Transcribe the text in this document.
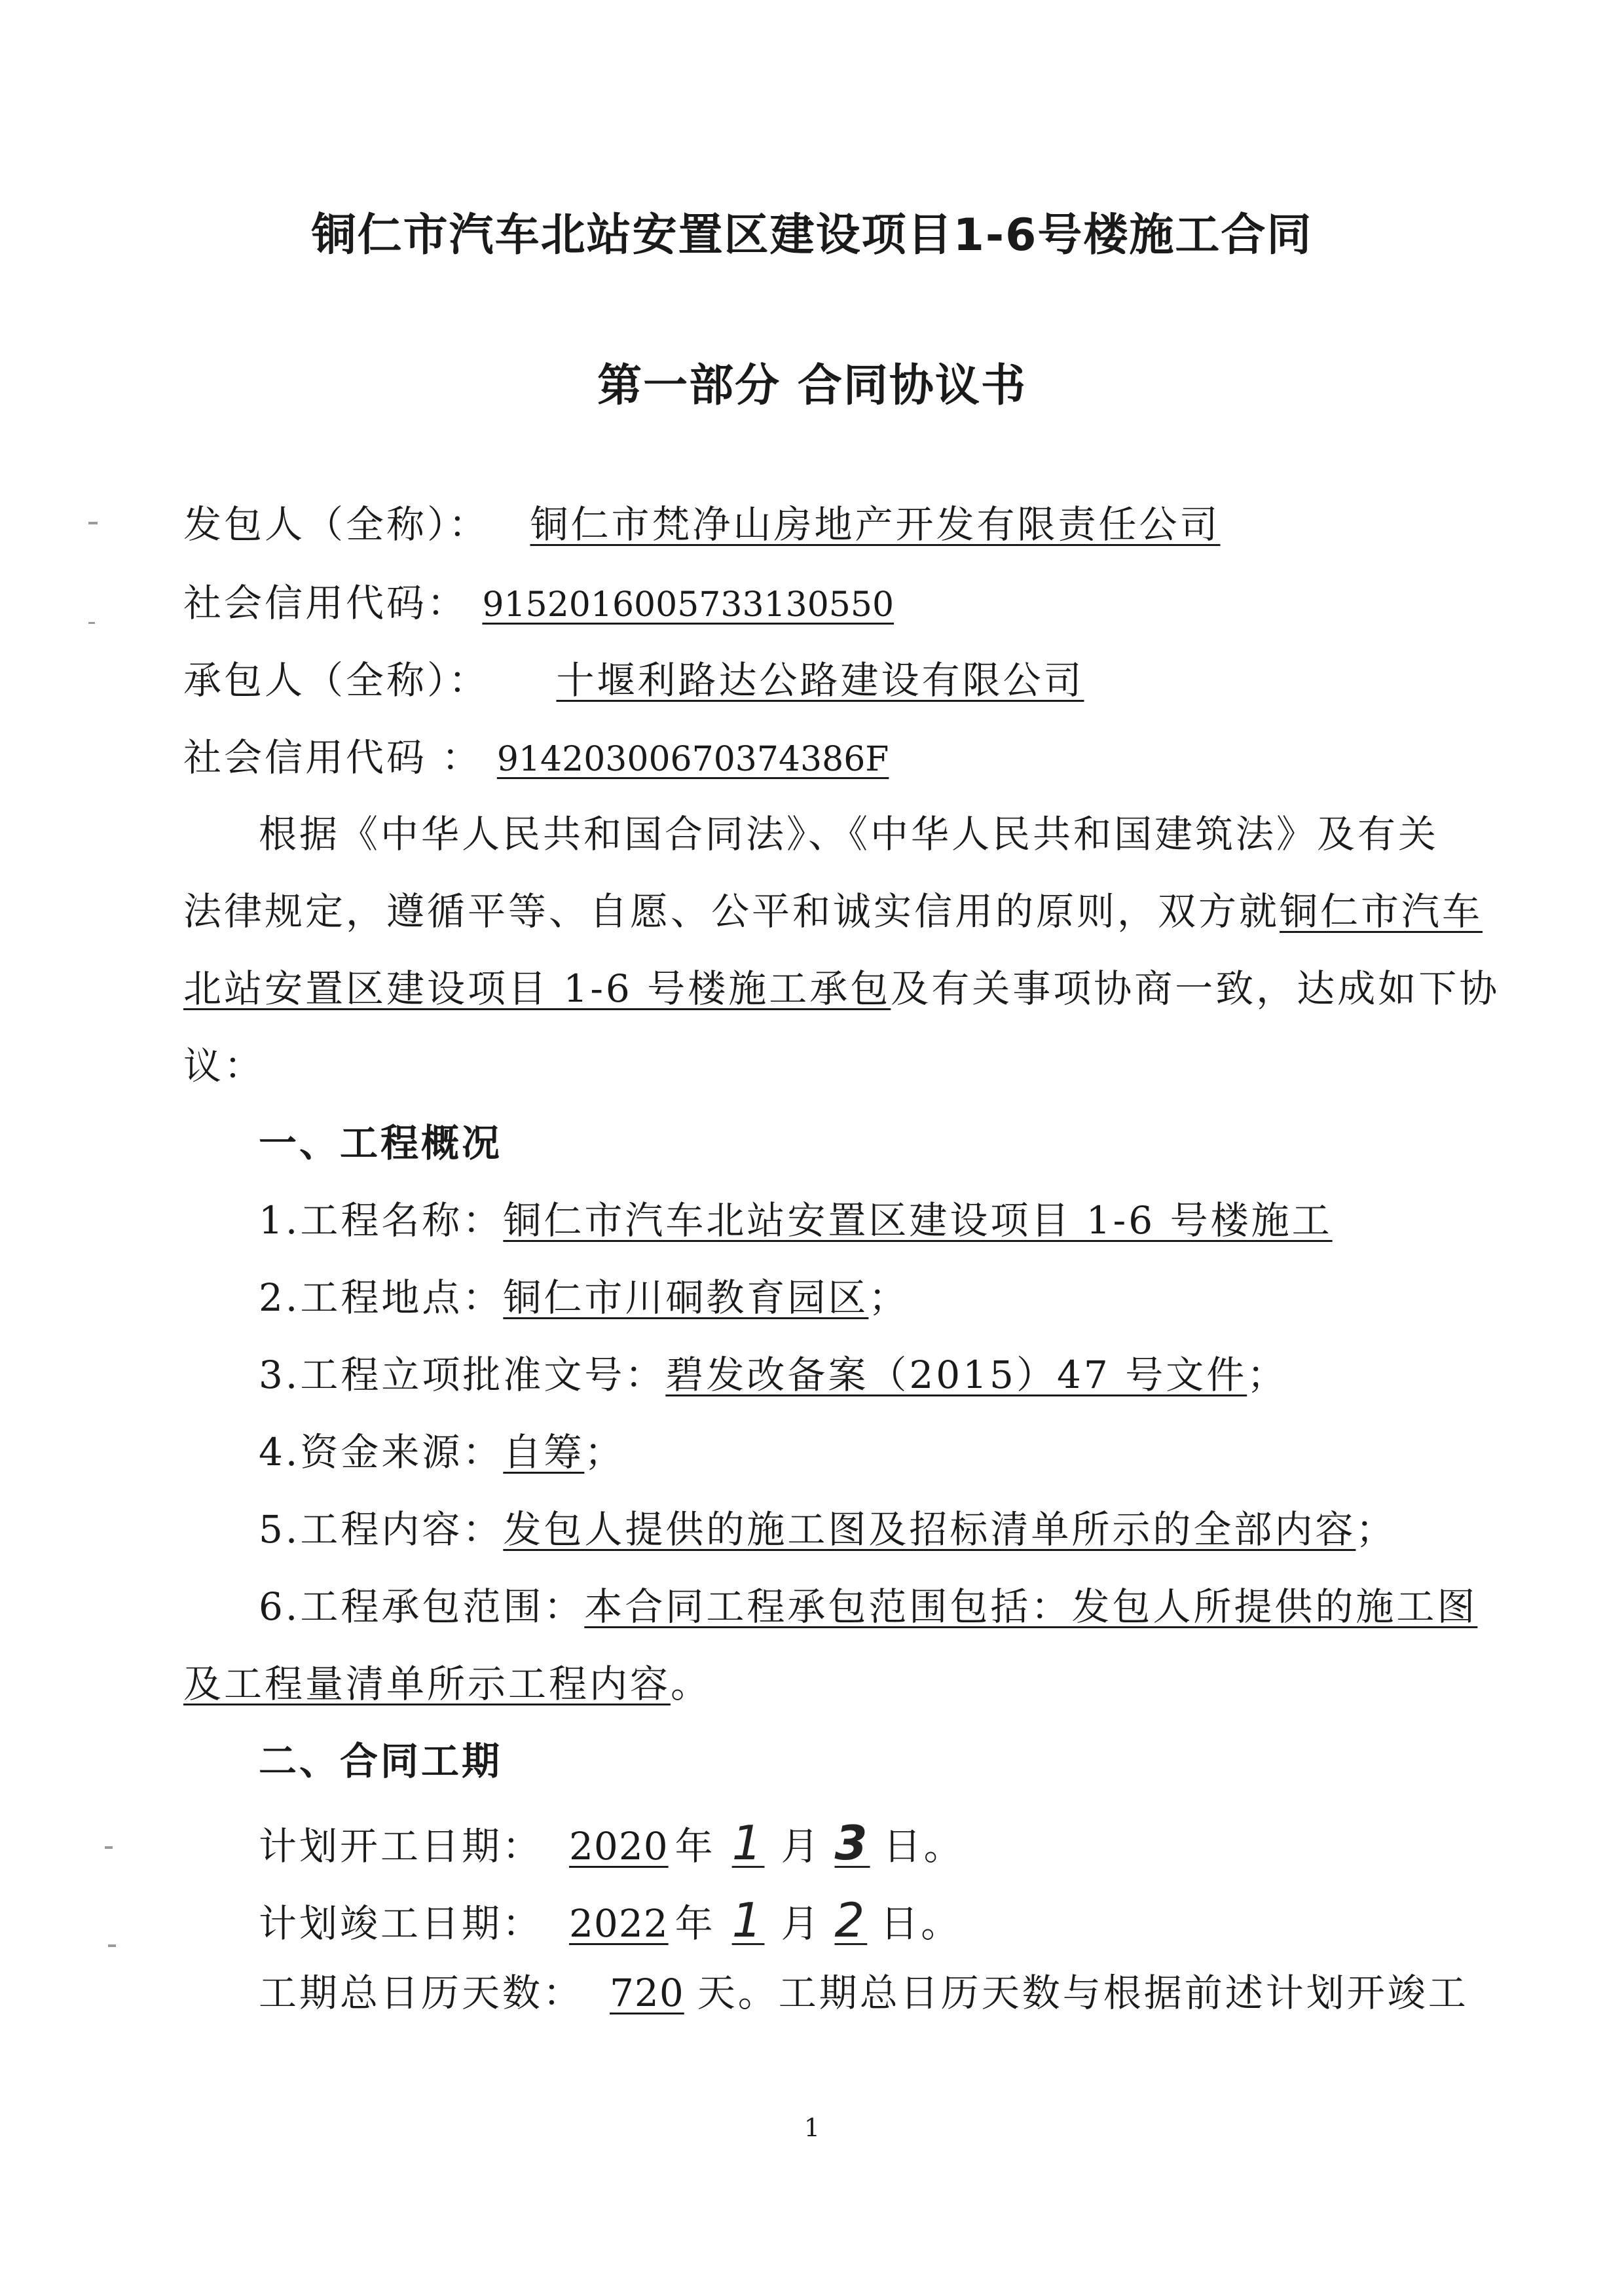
铜仁市汽车北站安置区建设项目1-6号楼施工合同
第一部分 合同协议书
发包人（全称）： 铜仁市梵净山房地产开发有限责任公司
社会信用代码： 915201600573313055​0
承包人（全称）： 十堰利路达公路建设有限公司
社会信用代码 ： 91420300670374386F
根据《中华人民共和国合同法》、《中华人民共和国建筑法》及有关
法律规定，遵循平等、自愿、公平和诚实信用的原则，双方就铜仁市汽车
北站安置区建设项目 1-6 号楼施工承包及有关事项协商一致，达成如下协
议：
一、工程概况
1.工程名称：铜仁市汽车北站安置区建设项目 1-6 号楼施工
2.工程地点：铜仁市川硐教育园区；
3.工程立项批准文号：碧发改备案（2015）47 号文件；
4.资金来源：自筹；
5.工程内容：发包人提供的施工图及招标清单所示的全部内容；
6.工程承包范围：本合同工程承包范围包括：发包人所提供的施工图
及工程量清单所示工程内容。
二、合同工期
计划开工日期： 2020 年 1 月 3 日。
计划竣工日期： 2022 年 1 月 2 日。
工期总日历天数： 720 天。工期总日历天数与根据前述计划开竣工
1
